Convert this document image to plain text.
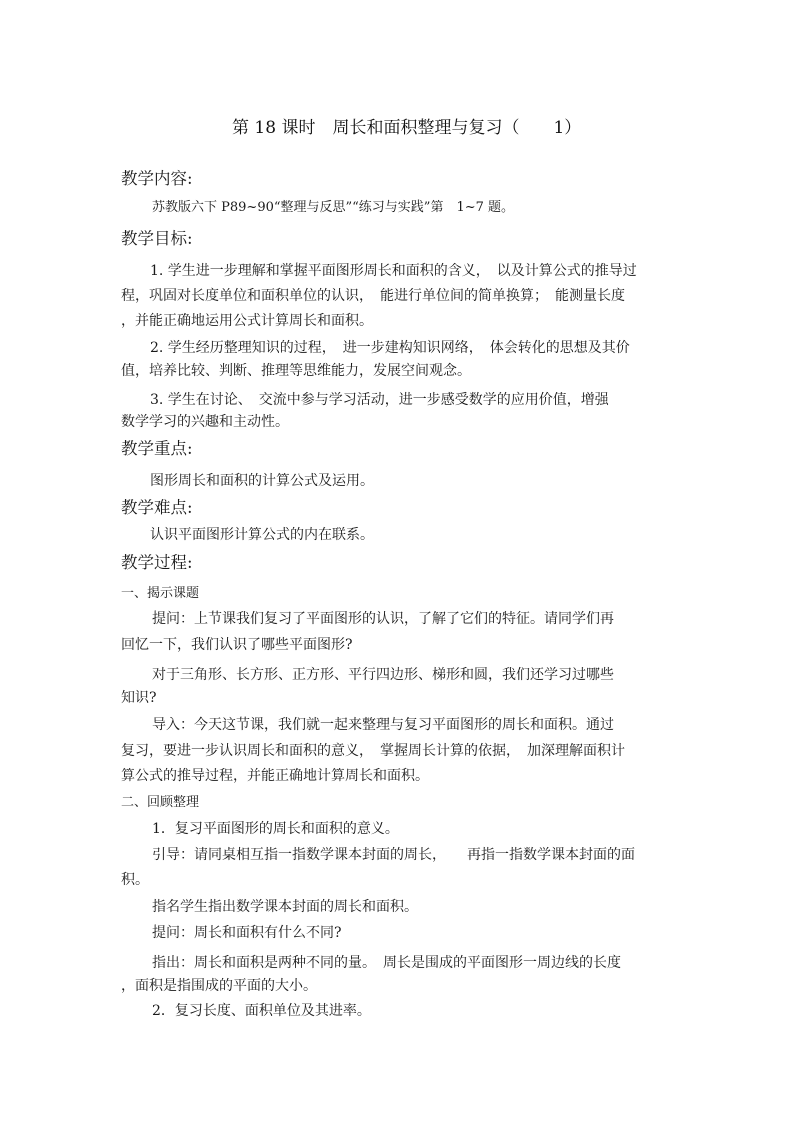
第 18 课时　周长和面积整理与复习（　　1）
教学内容:
苏教版六下 P89~90“整理与反思”“练习与实践”第　1~7 题。
教学目标:
1. 学生进一步理解和掌握平面图形周长和面积的含义，　以及计算公式的推导过
程，巩固对长度单位和面积单位的认识，　能进行单位间的简单换算；　能测量长度
，并能正确地运用公式计算周长和面积。
2. 学生经历整理知识的过程，　进一步建构知识网络，　体会转化的思想及其价
值，培养比较、判断、推理等思维能力，发展空间观念。
3. 学生在讨论、　交流中参与学习活动，进一步感受数学的应用价值，增强
数学学习的兴趣和主动性。
教学重点:
图形周长和面积的计算公式及运用。
教学难点:
认识平面图形计算公式的内在联系。
教学过程:
一、揭示课题
提问：上节课我们复习了平面图形的认识，了解了它们的特征。请同学们再
回忆一下，我们认识了哪些平面图形?
对于三角形、长方形、正方形、平行四边形、梯形和圆，我们还学习过哪些
知识?
导入：今天这节课，我们就一起来整理与复习平面图形的周长和面积。通过
复习，要进一步认识周长和面积的意义，　掌握周长计算的依据，　加深理解面积计
算公式的推导过程，并能正确地计算周长和面积。
二、回顾整理
1．复习平面图形的周长和面积的意义。
引导：请同桌相互指一指数学课本封面的周长，　　再指一指数学课本封面的面
积。
指名学生指出数学课本封面的周长和面积。
提问：周长和面积有什么不同?
指出：周长和面积是两种不同的量。　周长是围成的平面图形一周边线的长度
，面积是指围成的平面的大小。
2．复习长度、面积单位及其进率。
